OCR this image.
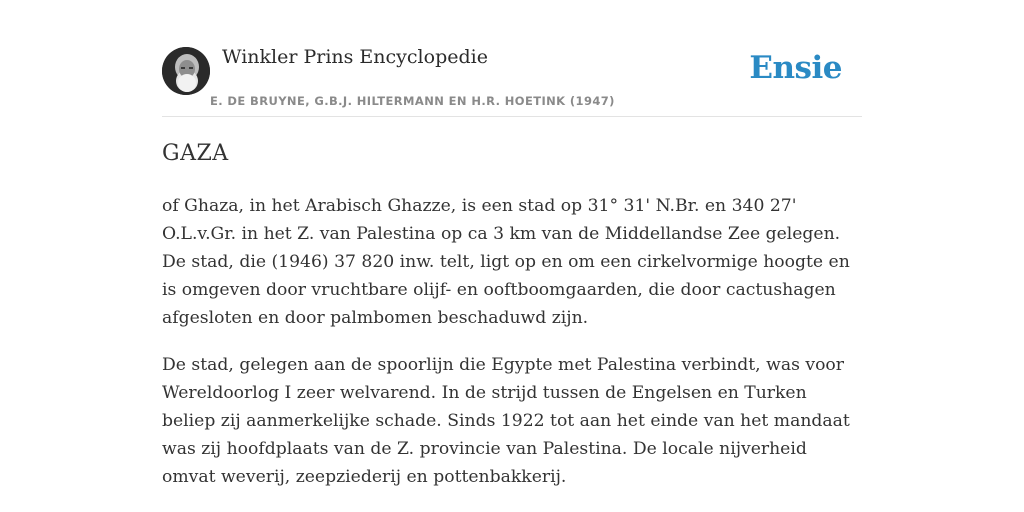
Winkler Prins Encyclopedie
E. DE BRUYNE, G.B.J. HILTERMANN EN H.R. HOETINK (1947)
Ensie
GAZA

of Ghaza, in het Arabisch Ghazze, is een stad op 31° 31' N.Br. en 340 27' O.L.v.Gr. in het Z. van Palestina op ca 3 km van de Middellandse Zee gelegen. De stad, die (1946) 37 820 inw. telt, ligt op en om een cirkelvormige hoogte en is omgeven door vruchtbare olijf- en ooftboomgaarden, die door cactushagen afgesloten en door palmbomen beschaduwd zijn.

De stad, gelegen aan de spoorlijn die Egypte met Palestina verbindt, was voor Wereldoorlog I zeer welvarend. In de strijd tussen de Engelsen en Turken beliep zij aanmerkelijke schade. Sinds 1922 tot aan het einde van het mandaat was zij hoofdplaats van de Z. provincie van Palestina. De locale nijverheid omvat weverij, zeepziederij en pottenbakkerij.
